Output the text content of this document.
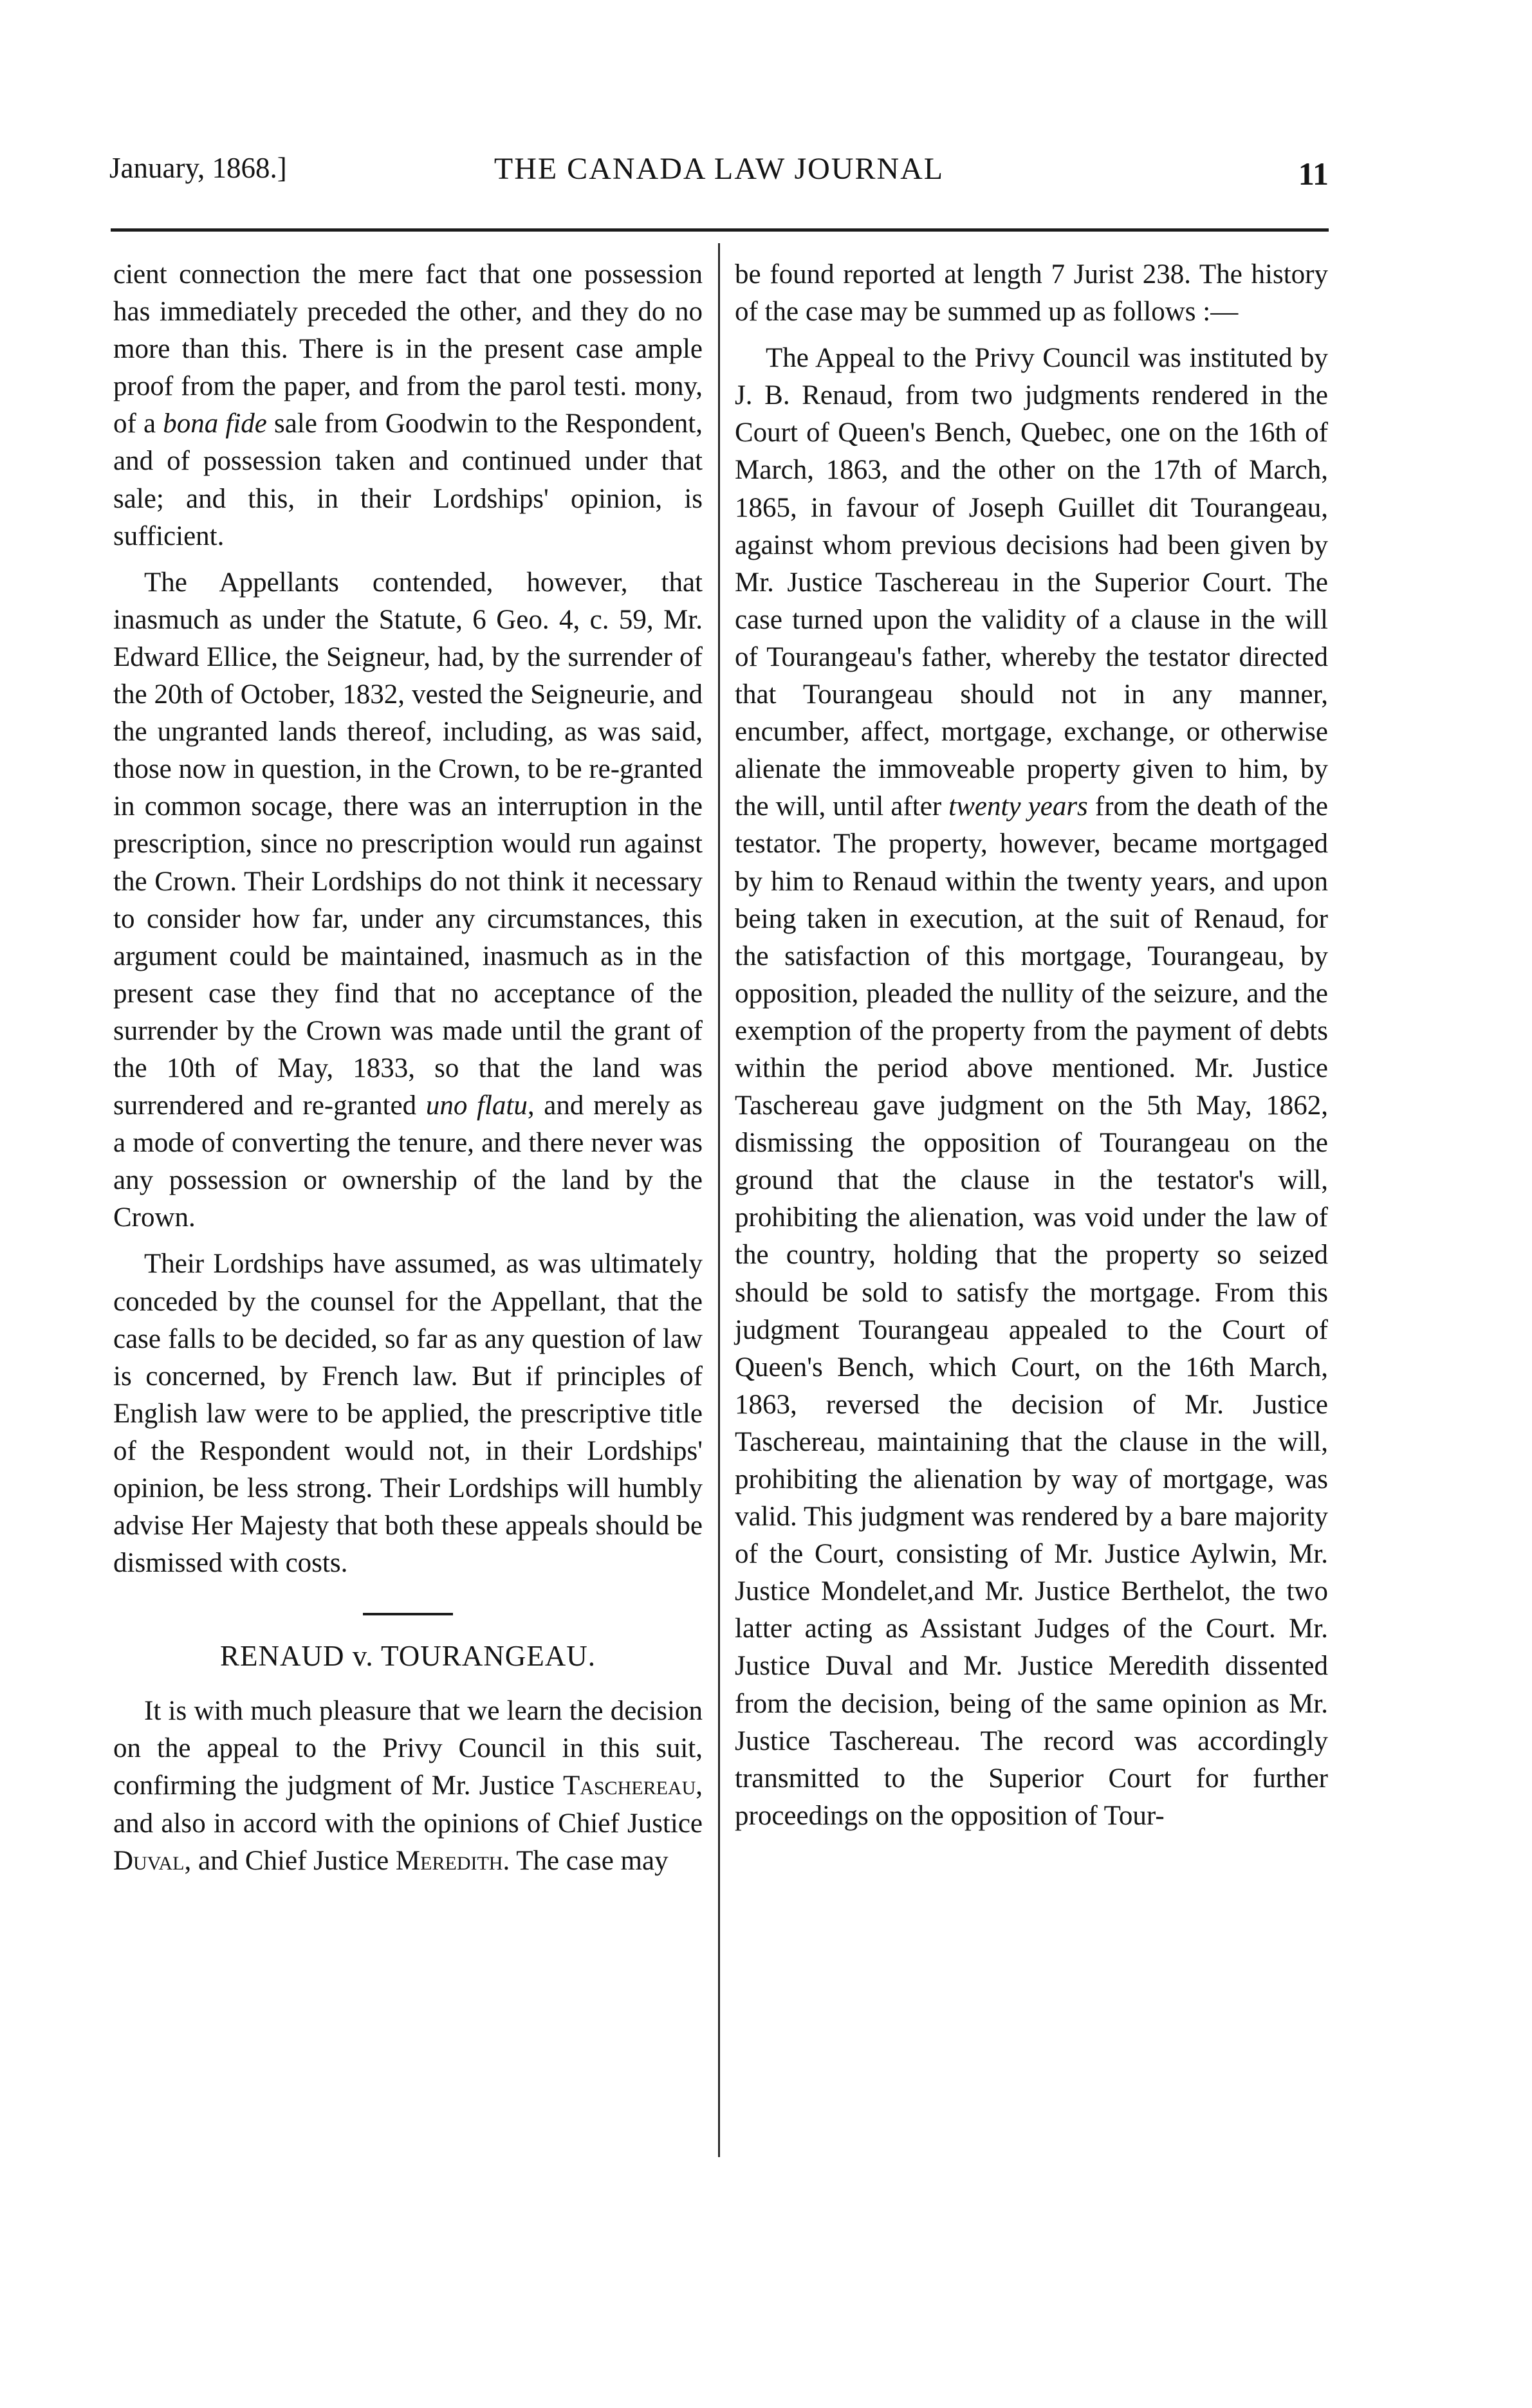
January, 1868.]	THE CANADA LAW JOURNAL	11

cient connection the mere fact that one possession has immediately preceded the other, and they do no more than this. There is in the present case ample proof from the paper, and from the parol testi. mony, of a bona fide sale from Goodwin to the Respondent, and of possession taken and continued under that sale; and this, in their Lordships' opinion, is sufficient.

The Appellants contended, however, that inasmuch as under the Statute, 6 Geo. 4, c. 59, Mr. Edward Ellice, the Seigneur, had, by the surrender of the 20th of October, 1832, vested the Seigneurie, and the ungranted lands thereof, including, as was said, those now in question, in the Crown, to be re-granted in common socage, there was an interruption in the prescription, since no prescription would run against the Crown. Their Lordships do not think it necessary to consider how far, under any circumstances, this argument could be maintained, inasmuch as in the present case they find that no acceptance of the surrender by the Crown was made until the grant of the 10th of May, 1833, so that the land was surrendered and re-granted uno flatu, and merely as a mode of converting the tenure, and there never was any possession or ownership of the land by the Crown.

Their Lordships have assumed, as was ultimately conceded by the counsel for the Appellant, that the case falls to be decided, so far as any question of law is concerned, by French law. But if principles of English law were to be applied, the prescriptive title of the Respondent would not, in their Lordships' opinion, be less strong. Their Lordships will humbly advise Her Majesty that both these appeals should be dismissed with costs.

RENAUD v. TOURANGEAU.

It is with much pleasure that we learn the decision on the appeal to the Privy Council in this suit, confirming the judgment of Mr. Justice Taschereau, and also in accord with the opinions of Chief Justice Duval, and Chief Justice Meredith. The case may

be found reported at length 7 Jurist 238. The history of the case may be summed up as follows :—

The Appeal to the Privy Council was instituted by J. B. Renaud, from two judgments rendered in the Court of Queen's Bench, Quebec, one on the 16th of March, 1863, and the other on the 17th of March, 1865, in favour of Joseph Guillet dit Tourangeau, against whom previous decisions had been given by Mr. Justice Taschereau in the Superior Court. The case turned upon the validity of a clause in the will of Tourangeau's father, whereby the testator directed that Tourangeau should not in any manner, encumber, affect, mortgage, exchange, or otherwise alienate the immoveable property given to him, by the will, until after twenty years from the death of the testator. The property, however, became mortgaged by him to Renaud within the twenty years, and upon being taken in execution, at the suit of Renaud, for the satisfaction of this mortgage, Tourangeau, by opposition, pleaded the nullity of the seizure, and the exemption of the property from the payment of debts within the period above mentioned. Mr. Justice Taschereau gave judgment on the 5th May, 1862, dismissing the opposition of Tourangeau on the ground that the clause in the testator's will, prohibiting the alienation, was void under the law of the country, holding that the property so seized should be sold to satisfy the mortgage. From this judgment Tourangeau appealed to the Court of Queen's Bench, which Court, on the 16th March, 1863, reversed the decision of Mr. Justice Taschereau, maintaining that the clause in the will, prohibiting the alienation by way of mortgage, was valid. This judgment was rendered by a bare majority of the Court, consisting of Mr. Justice Aylwin, Mr. Justice Mondelet,and Mr. Justice Berthelot, the two latter acting as Assistant Judges of the Court. Mr. Justice Duval and Mr. Justice Meredith dissented from the decision, being of the same opinion as Mr. Justice Taschereau. The record was accordingly transmitted to the Superior Court for further proceedings on the opposition of Tour-
